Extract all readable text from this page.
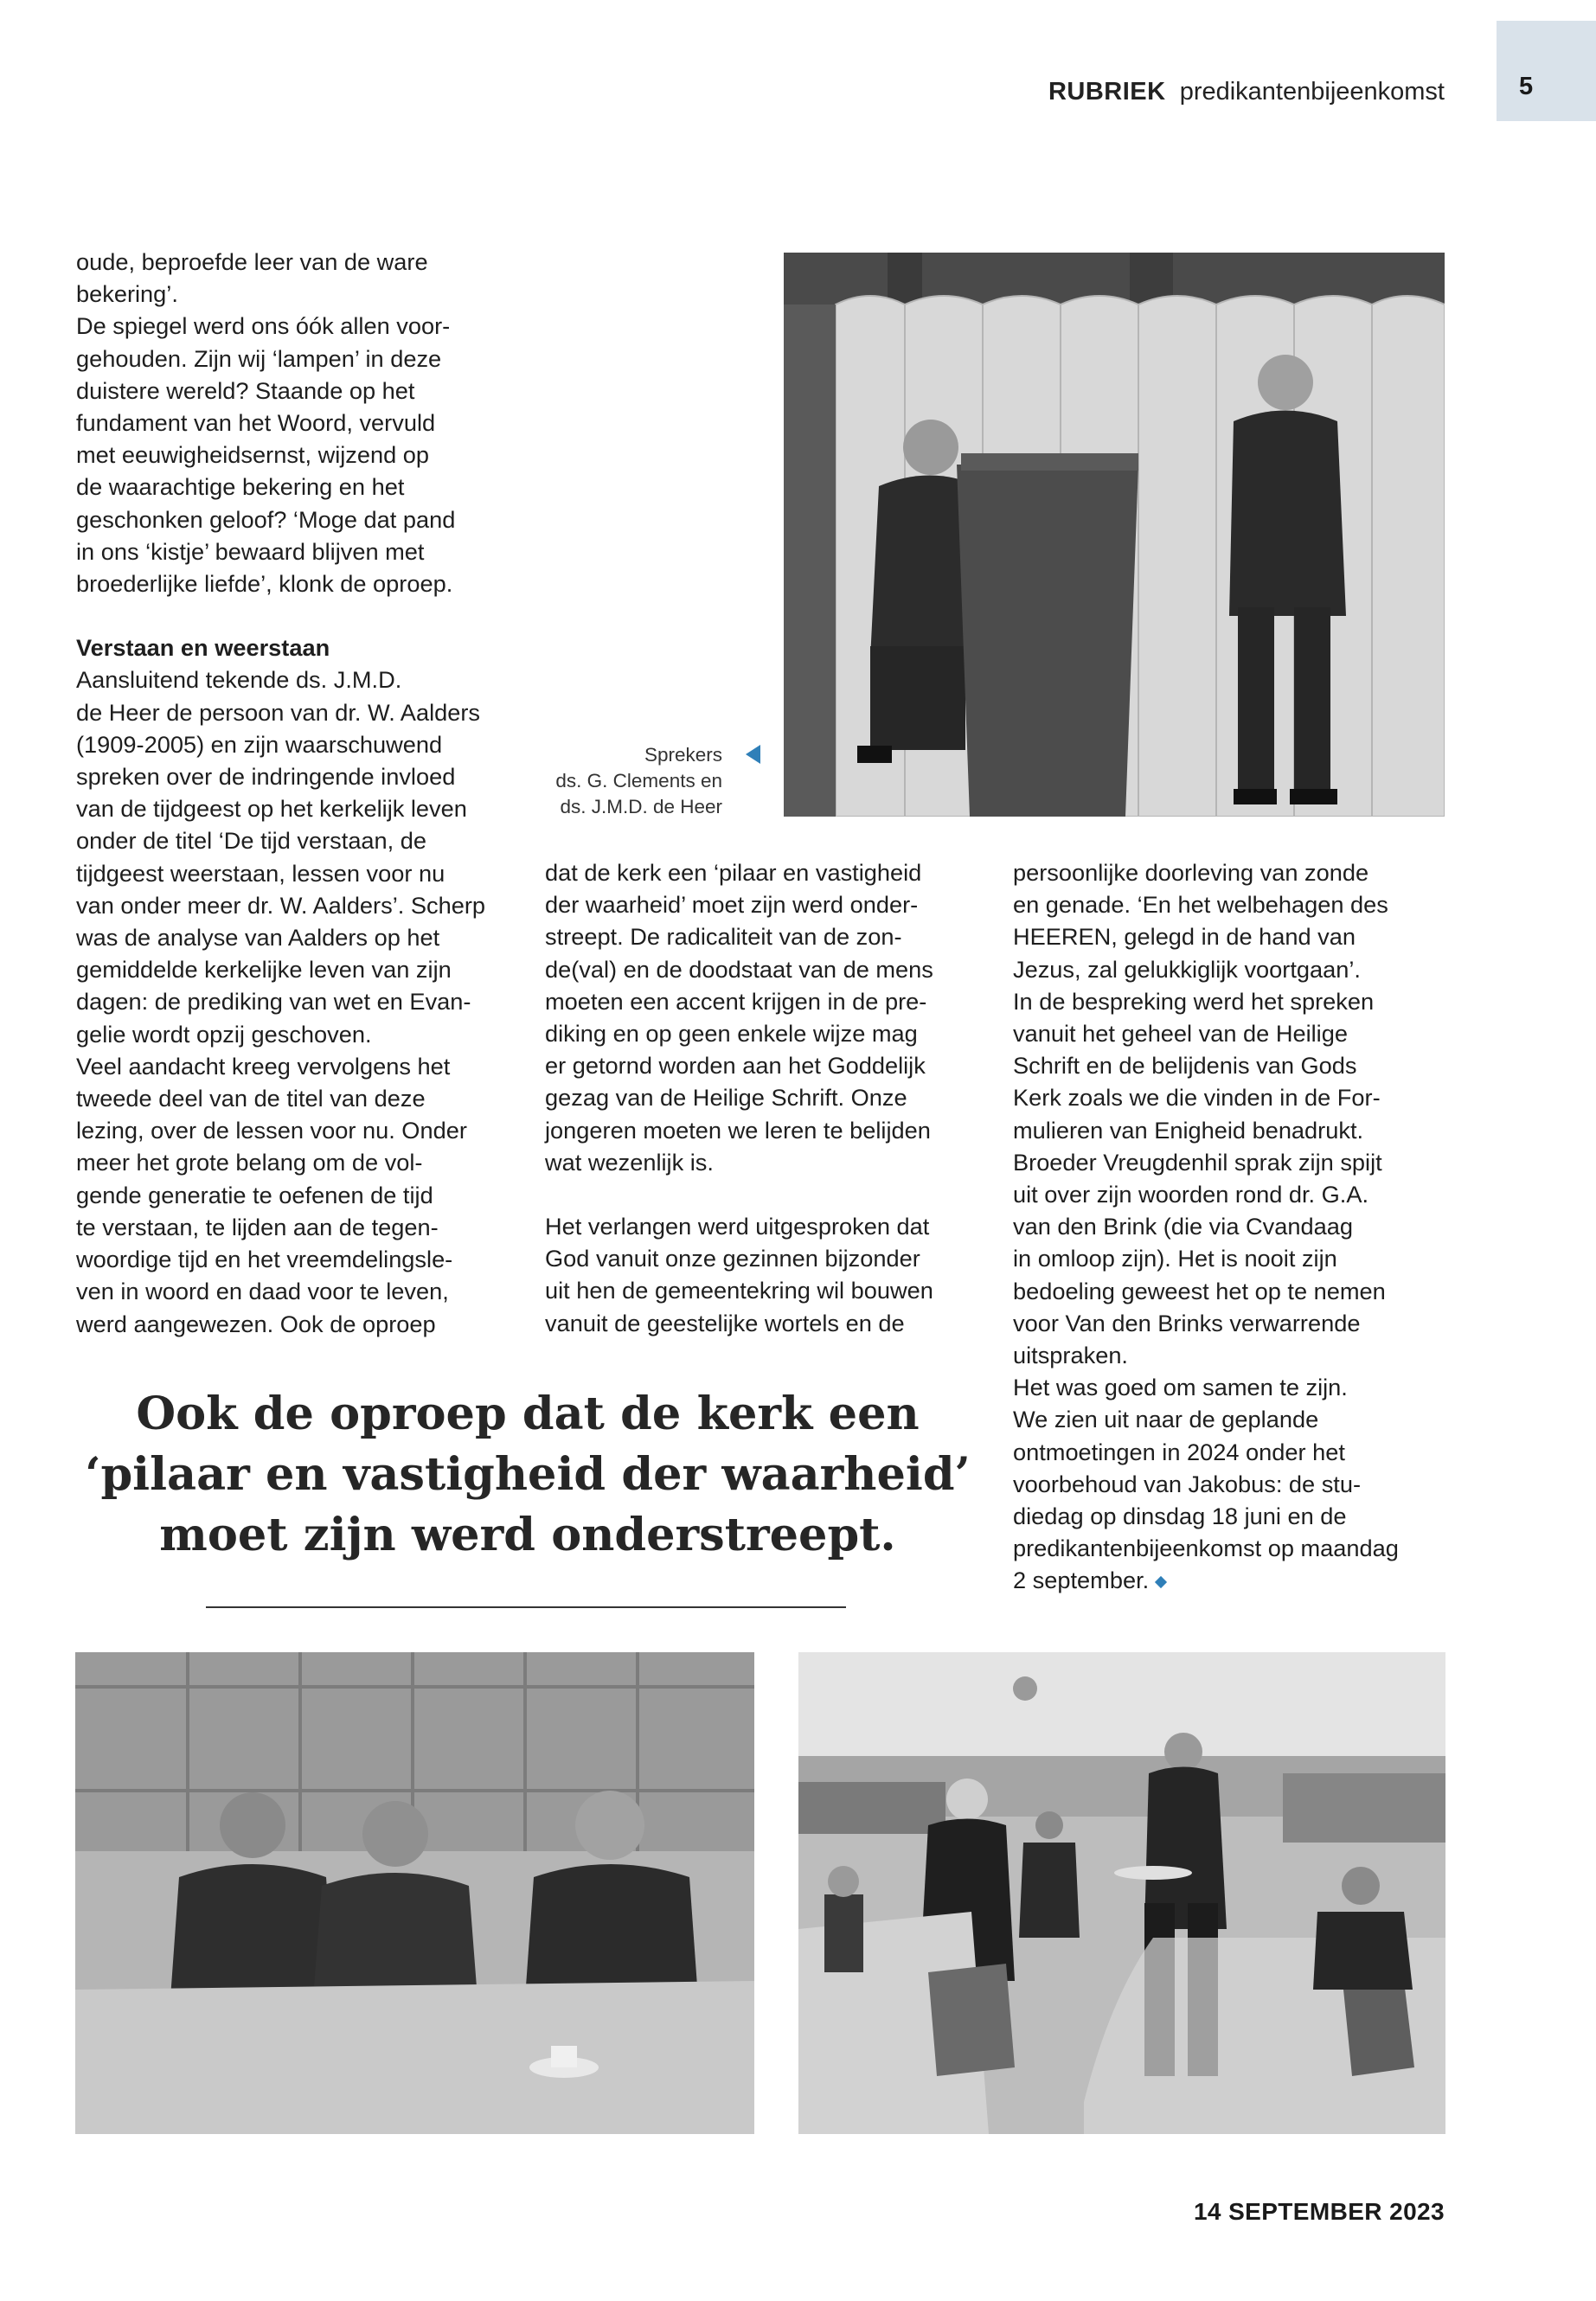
5
RUBRIEK predikantenbijeenkomst
oude, beproefde leer van de ware
bekering’.
De spiegel werd ons óók allen voor-
gehouden. Zijn wij ‘lampen’ in deze
duistere wereld? Staande op het
fundament van het Woord, vervuld
met eeuwigheidsernst, wijzend op
de waarachtige bekering en het
geschonken geloof? ‘Moge dat pand
in ons ‘kistje’ bewaard blijven met
broederlijke liefde’, klonk de oproep.
Verstaan en weerstaan
Aansluitend tekende ds. J.M.D.
de Heer de persoon van dr. W. Aalders
(1909-2005) en zijn waarschuwend
spreken over de indringende invloed
van de tijdgeest op het kerkelijk leven
onder de titel ‘De tijd verstaan, de
tijdgeest weerstaan, lessen voor nu
van onder meer dr. W. Aalders’. Scherp
was de analyse van Aalders op het
gemiddelde kerkelijke leven van zijn
dagen: de prediking van wet en Evan-
gelie wordt opzij geschoven.
Veel aandacht kreeg vervolgens het
tweede deel van de titel van deze
lezing, over de lessen voor nu. Onder
meer het grote belang om de vol-
gende generatie te oefenen de tijd
te verstaan, te lijden aan de tegen-
woordige tijd en het vreemdelingsle-
ven in woord en daad voor te leven,
werd aangewezen. Ook de oproep
Sprekers
ds. G. Clements en
ds. J.M.D. de Heer
dat de kerk een ‘pilaar en vastigheid
der waarheid’ moet zijn werd onder-
streept. De radicaliteit van de zon-
de(val) en de doodstaat van de mens
moeten een accent krijgen in de pre-
diking en op geen enkele wijze mag
er getornd worden aan het Goddelijk
gezag van de Heilige Schrift. Onze
jongeren moeten we leren te belijden
wat wezenlijk is.
Het verlangen werd uitgesproken dat
God vanuit onze gezinnen bijzonder
uit hen de gemeentekring wil bouwen
vanuit de geestelijke wortels en de
persoonlijke doorleving van zonde
en genade. ‘En het welbehagen des
HEEREN, gelegd in de hand van
Jezus, zal gelukkiglijk voortgaan’.
In de bespreking werd het spreken
vanuit het geheel van de Heilige
Schrift en de belijdenis van Gods
Kerk zoals we die vinden in de For-
mulieren van Enigheid benadrukt.
Broeder Vreugdenhil sprak zijn spijt
uit over zijn woorden rond dr. G.A.
van den Brink (die via Cvandaag
in omloop zijn). Het is nooit zijn
bedoeling geweest het op te nemen
voor Van den Brinks verwarrende
uitspraken.
Het was goed om samen te zijn.
We zien uit naar de geplande
ontmoetingen in 2024 onder het
voorbehoud van Jakobus: de stu-
diedag op dinsdag 18 juni en de
predikantenbijeenkomst op maandag
2 september.
Ook de oproep dat de kerk een
‘pilaar en vastigheid der waarheid’
moet zijn werd onderstreept.
14 SEPTEMBER 2023
